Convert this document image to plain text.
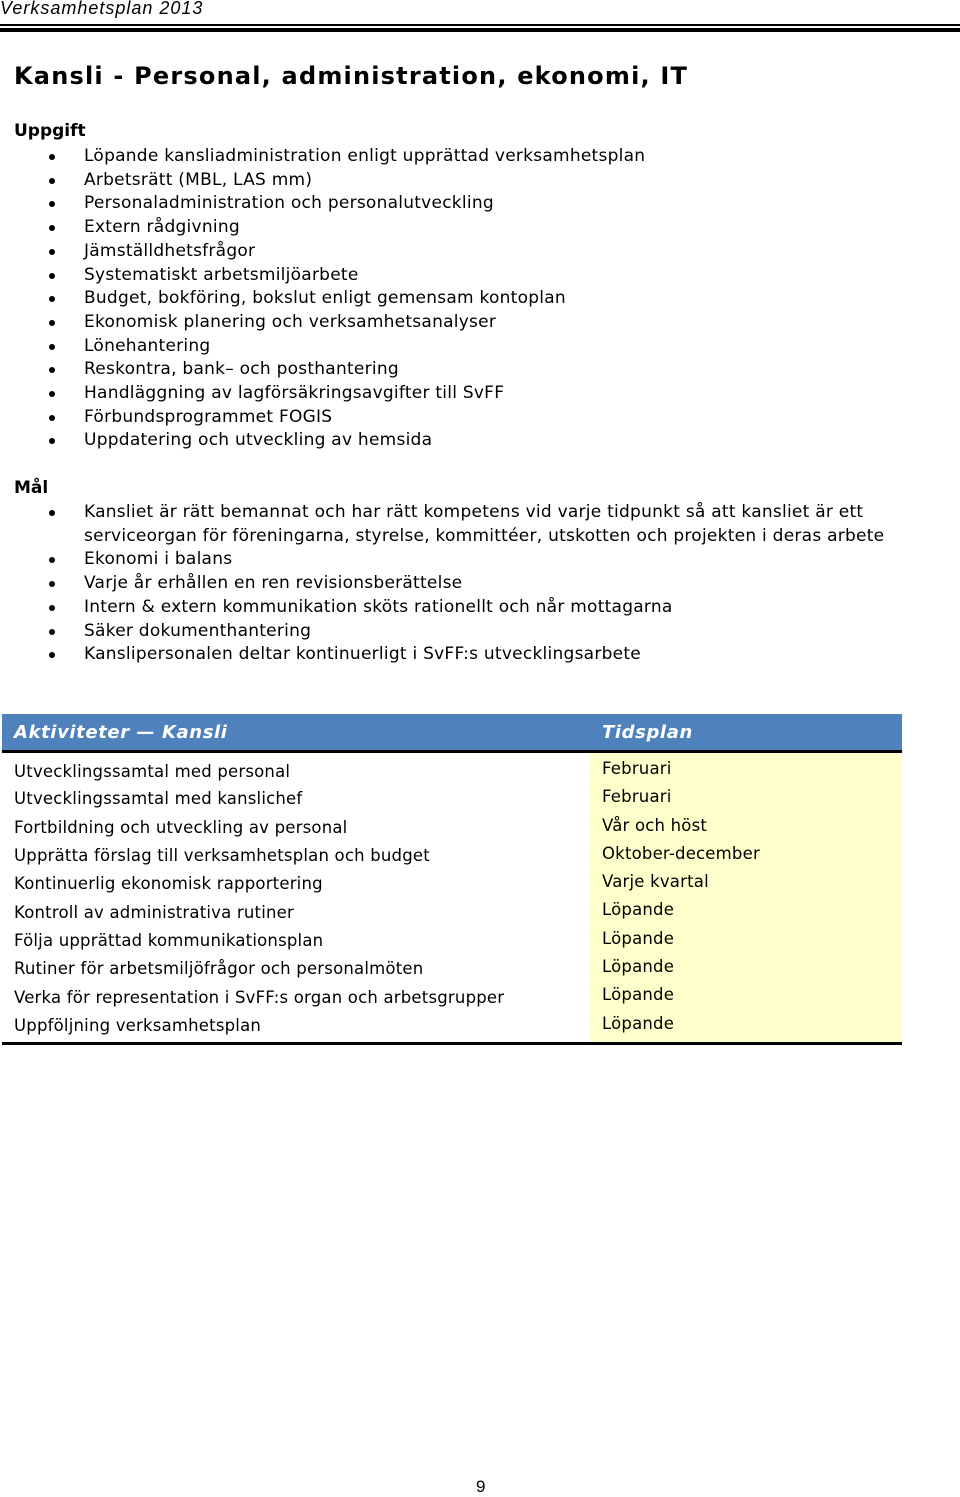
Verksamhetsplan 2013
Kansli - Personal, administration, ekonomi, IT
Uppgift
Löpande kansliadministration enligt upprättad verksamhetsplan
Arbetsrätt (MBL, LAS mm)
Personaladministration och personalutveckling
Extern rådgivning
Jämställdhetsfrågor
Systematiskt arbetsmiljöarbete
Budget, bokföring, bokslut enligt gemensam kontoplan
Ekonomisk planering och verksamhetsanalyser
Lönehantering
Reskontra, bank– och posthantering
Handläggning av lagförsäkringsavgifter till SvFF
Förbundsprogrammet FOGIS
Uppdatering och utveckling av hemsida
Mål
Kansliet är rätt bemannat och har rätt kompetens vid varje tidpunkt så att kansliet är ett serviceorgan för föreningarna, styrelse, kommittéer, utskotten och projekten i deras arbete
Ekonomi i balans
Varje år erhållen en ren revisionsberättelse
Intern & extern kommunikation sköts rationellt och når mottagarna
Säker dokumenthantering
Kanslipersonalen deltar kontinuerligt i SvFF:s utvecklingsarbete
Aktiviteter — Kansli	Tidsplan
Utvecklingssamtal med personal	Februari
Utvecklingssamtal med kanslichef	Februari
Fortbildning och utveckling av personal	Vår och höst
Upprätta förslag till verksamhetsplan och budget	Oktober-december
Kontinuerlig ekonomisk rapportering	Varje kvartal
Kontroll av administrativa rutiner	Löpande
Följa upprättad kommunikationsplan	Löpande
Rutiner för arbetsmiljöfrågor och personalmöten	Löpande
Verka för representation i SvFF:s organ och arbetsgrupper	Löpande
Uppföljning verksamhetsplan	Löpande
9
